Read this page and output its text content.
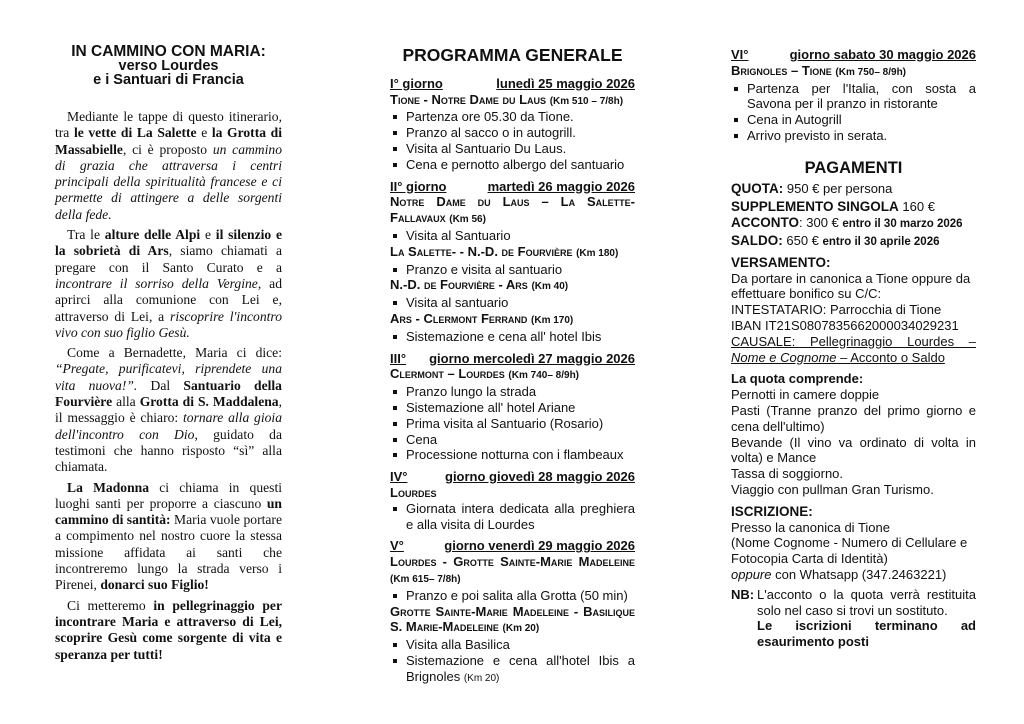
IN CAMMINO CON MARIA:
verso Lourdes
e i Santuari di Francia

Mediante le tappe di questo itinerario, tra le vette di La Salette e la Grotta di Massabielle, ci è proposto un cammino di grazia che attraversa i centri principali della spiritualità francese e ci permette di attingere a delle sorgenti della fede.

Tra le alture delle Alpi e il silenzio e la sobrietà di Ars, siamo chiamati a pregare con il Santo Curato e a incontrare il sorriso della Vergine, ad aprirci alla comunione con Lei e, attraverso di Lei, a riscoprire l'incontro vivo con suo figlio Gesù.

Come a Bernadette, Maria ci dice: “Pregate, purificatevi, riprendete una vita nuova!”. Dal Santuario della Fourvière alla Grotta di S. Maddalena, il messaggio è chiaro: tornare alla gioia dell'incontro con Dio, guidato da testimoni che hanno risposto “sì” alla chiamata.

La Madonna ci chiama in questi luoghi santi per proporre a ciascuno un cammino di santità: Maria vuole portare a compimento nel nostro cuore la stessa missione affidata ai santi che incontreremo lungo la strada verso i Pirenei, donarci suo Figlio!

Ci metteremo in pellegrinaggio per incontrare Maria e attraverso di Lei, scoprire Gesù come sorgente di vita e speranza per tutti!

PROGRAMMA GENERALE
I° giorno	lunedì 25 maggio 2026
Tione - Notre Dame du Laus (Km 510 – 7/8h)
Partenza ore 05.30 da Tione.
Pranzo al sacco o in autogrill.
Visita al Santuario Du Laus.
Cena e pernotto albergo del santuario
II° giorno	martedì 26 maggio 2026
Notre Dame du Laus – La Salette-Fallavaux (Km 56)
Visita al Santuario
La Salette- - N.-D. de Fourvière (Km 180)
Pranzo e visita al santuario
N.-D. de Fourvière - Ars (Km 40)
Visita al santuario
Ars - Clermont Ferrand (Km 170)
Sistemazione e cena all' hotel Ibis
III° giorno mercoledì 27 maggio 2026
Clermont – Lourdes (Km 740– 8/9h)
Pranzo lungo la strada
Sistemazione all' hotel Ariane
Prima visita al Santuario (Rosario)
Cena
Processione notturna con i flambeaux
IV°	giorno giovedì 28 maggio 2026
Lourdes
Giornata intera dedicata alla preghiera e alla visita di Lourdes
V°	giorno venerdì 29 maggio 2026
Lourdes - Grotte Sainte-Marie Madeleine (Km 615– 7/8h)
Pranzo e poi salita alla Grotta (50 min)
Grotte Sainte-Marie Madeleine - Basilique S. Marie-Madeleine (Km 20)
Visita alla Basilica
Sistemazione e cena all'hotel Ibis a Brignoles (Km 20)
VI°	giorno sabato 30 maggio 2026
Brignoles – Tione (Km 750– 8/9h)
Partenza per l'Italia, con sosta a Savona per il pranzo in ristorante
Cena in Autogrill
Arrivo previsto in serata.
PAGAMENTI
QUOTA: 950 € per persona
SUPPLEMENTO SINGOLA 160 €
ACCONTO: 300 € entro il 30 marzo 2026
SALDO: 650 € entro il 30 aprile 2026
VERSAMENTO:
Da portare in canonica a Tione oppure da effettuare bonifico su C/C:
INTESTATARIO: Parrocchia di Tione
IBAN IT21S0807835662000034029231
CAUSALE: Pellegrinaggio Lourdes – Nome e Cognome – Acconto o Saldo
La quota comprende:
Pernotti in camere doppie
Pasti (Tranne pranzo del primo giorno e cena dell'ultimo)
Bevande (Il vino va ordinato di volta in volta) e Mance
Tassa di soggiorno.
Viaggio con pullman Gran Turismo.
ISCRIZIONE:
Presso la canonica di Tione
(Nome Cognome - Numero di Cellulare e Fotocopia Carta di Identità)
oppure con Whatsapp (347.2463221)
NB: L'acconto o la quota verrà restituita solo nel caso si trovi un sostituto.
Le iscrizioni terminano ad esaurimento posti
